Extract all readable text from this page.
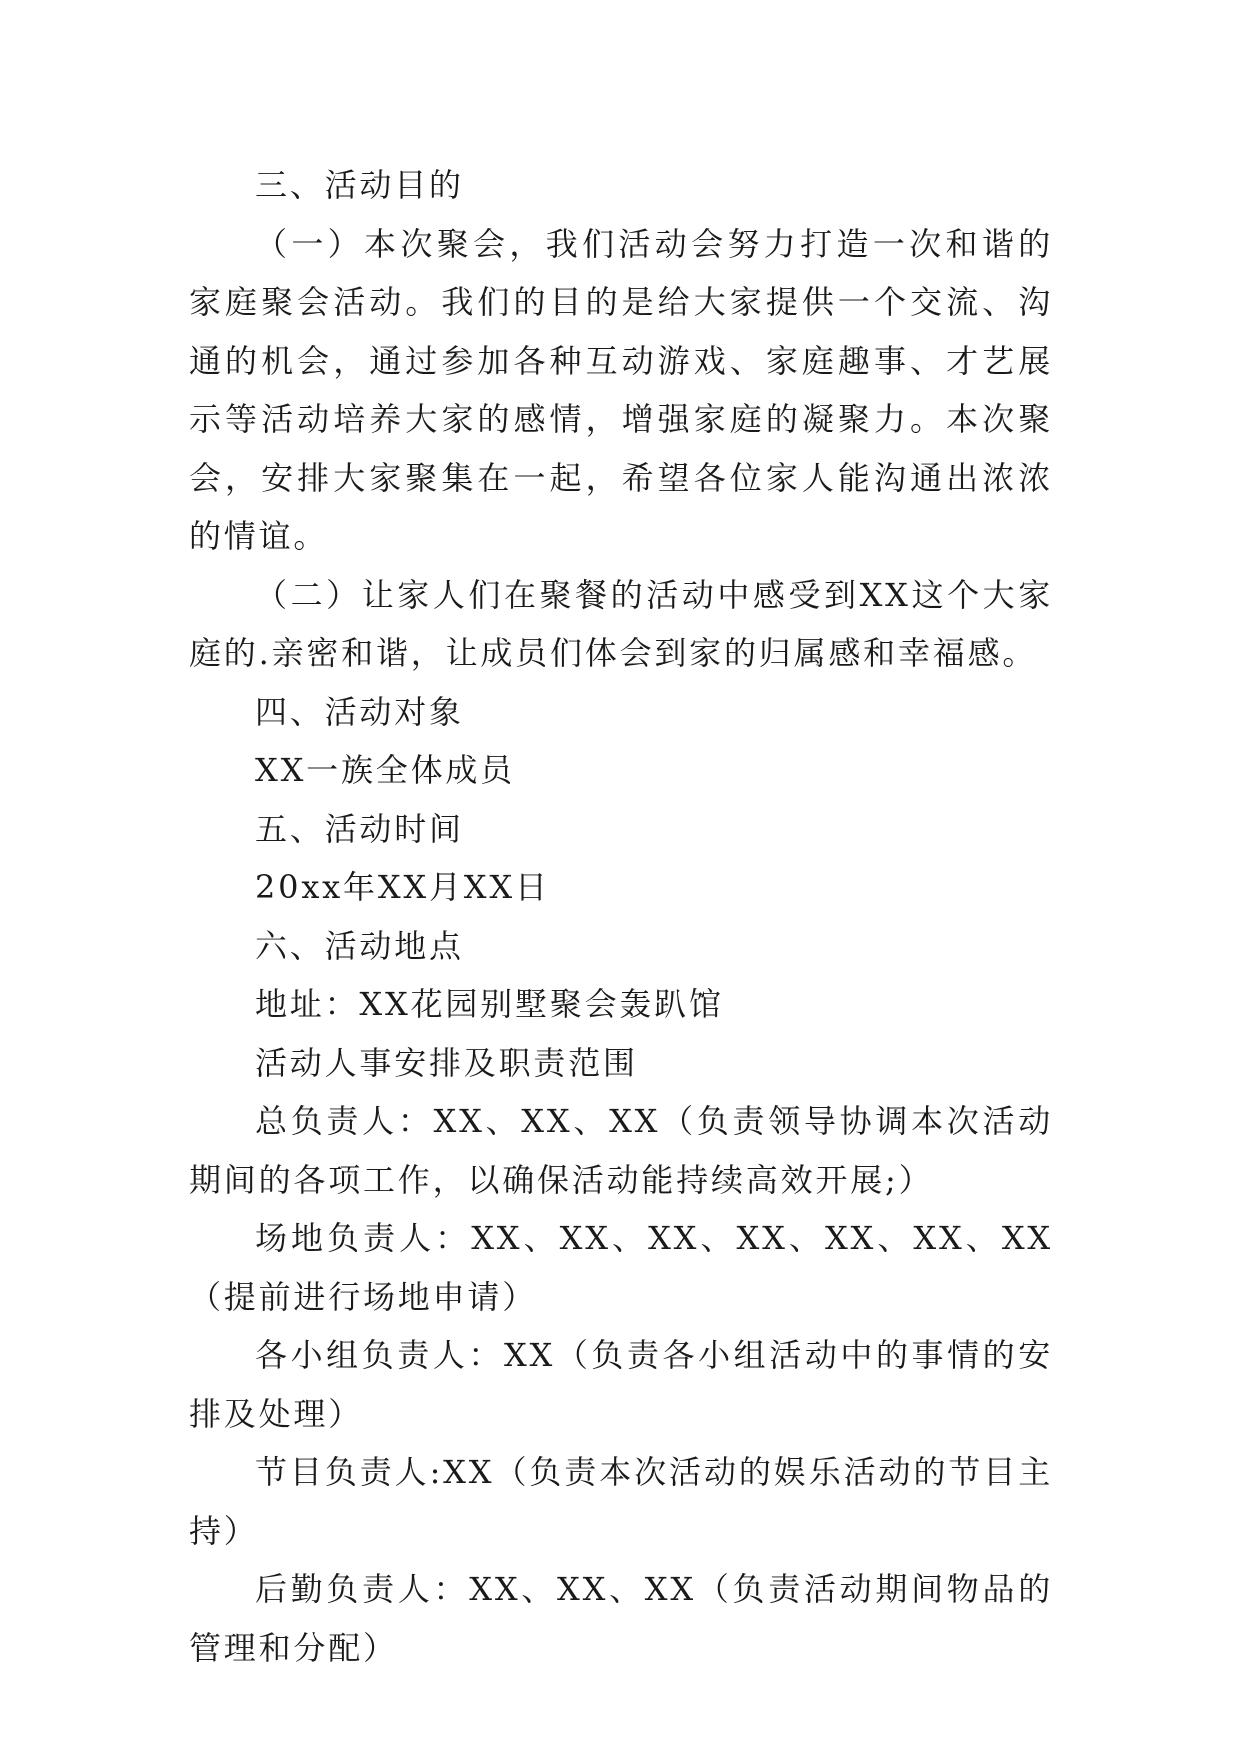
三、活动目的

（一）本次聚会，我们活动会努力打造一次和谐的家庭聚会活动。我们的目的是给大家提供一个交流、沟通的机会，通过参加各种互动游戏、家庭趣事、才艺展示等活动培养大家的感情，增强家庭的凝聚力。本次聚会，安排大家聚集在一起，希望各位家人能沟通出浓浓的情谊。

（二）让家人们在聚餐的活动中感受到XX这个大家庭的.亲密和谐，让成员们体会到家的归属感和幸福感。

四、活动对象

XX一族全体成员

五、活动时间

20xx年XX月XX日

六、活动地点

地址：XX花园别墅聚会轰趴馆

活动人事安排及职责范围

总负责人：XX、XX、XX（负责领导协调本次活动期间的各项工作，以确保活动能持续高效开展;）

场地负责人：XX、XX、XX、XX、XX、XX、XX（提前进行场地申请）

各小组负责人：XX（负责各小组活动中的事情的安排及处理）

节目负责人:XX（负责本次活动的娱乐活动的节目主持）

后勤负责人：XX、XX、XX（负责活动期间物品的管理和分配）
